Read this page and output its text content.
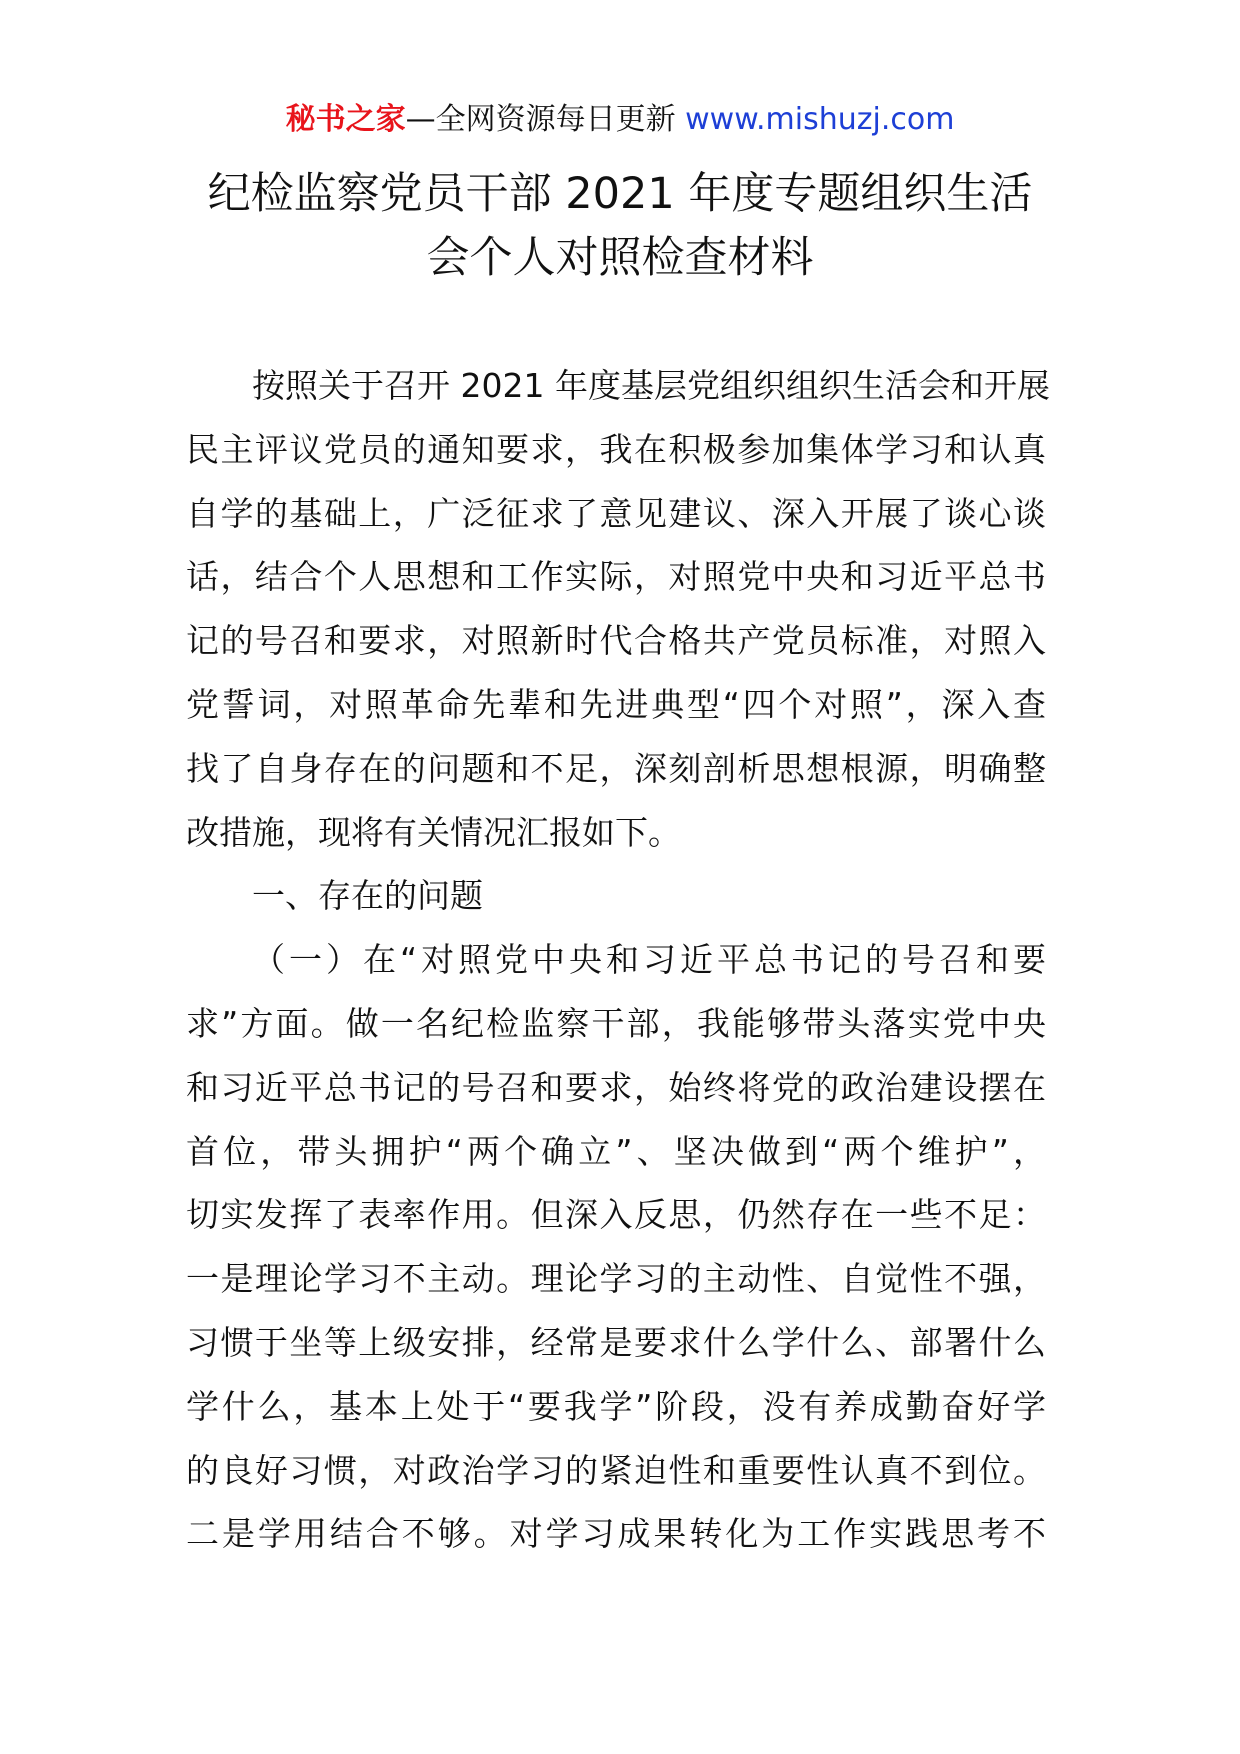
秘书之家—全网资源每日更新 www.mishuzj.com
纪检监察党员干部 2021 年度专题组织生活
会个人对照检查材料
按照关于召开 2021 年度基层党组织组织生活会和开展
民主评议党员的通知要求，我在积极参加集体学习和认真
自学的基础上，广泛征求了意见建议、深入开展了谈心谈
话，结合个人思想和工作实际，对照党中央和习近平总书
记的号召和要求，对照新时代合格共产党员标准，对照入
党誓词，对照革命先辈和先进典型“四个对照”，深入查
找了自身存在的问题和不足，深刻剖析思想根源，明确整
改措施，现将有关情况汇报如下。
一、存在的问题
（一）在“对照党中央和习近平总书记的号召和要
求”方面。做一名纪检监察干部，我能够带头落实党中央
和习近平总书记的号召和要求，始终将党的政治建设摆在
首位，带头拥护“两个确立”、坚决做到“两个维护”，
切实发挥了表率作用。但深入反思，仍然存在一些不足：
一是理论学习不主动。理论学习的主动性、自觉性不强，
习惯于坐等上级安排，经常是要求什么学什么、部署什么
学什么，基本上处于“要我学”阶段，没有养成勤奋好学
的良好习惯，对政治学习的紧迫性和重要性认真不到位。
二是学用结合不够。对学习成果转化为工作实践思考不
